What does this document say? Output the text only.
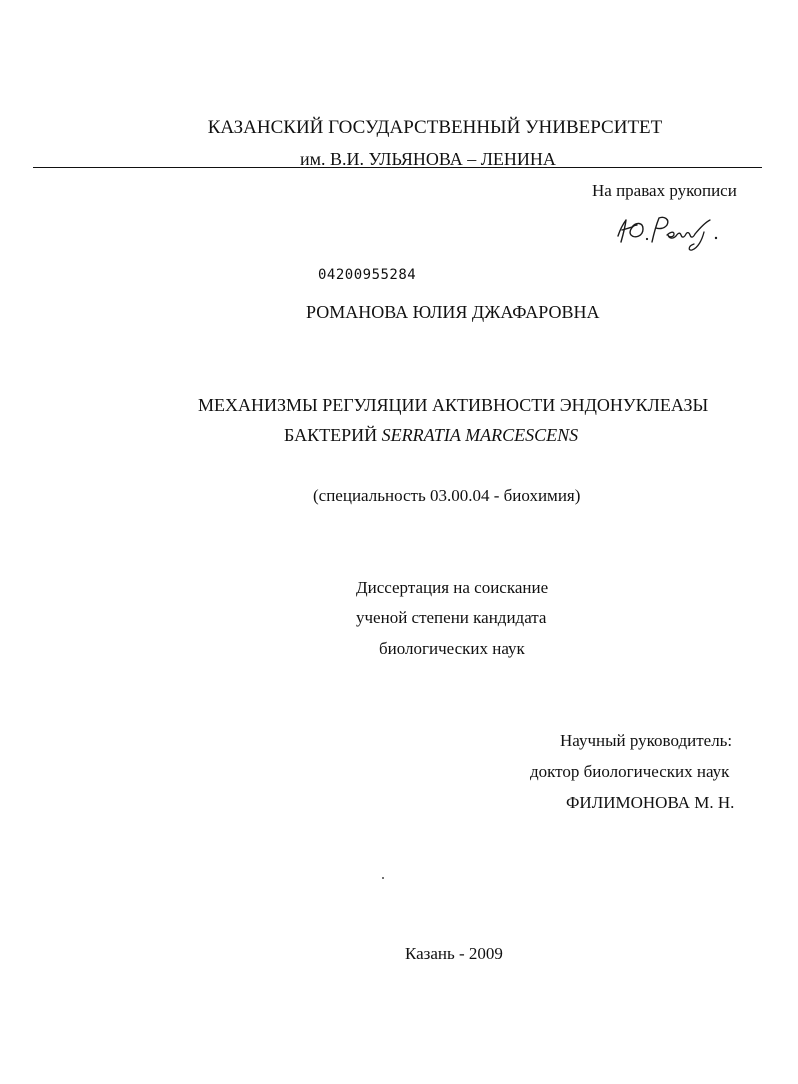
КАЗАНСКИЙ ГОСУДАРСТВЕННЫЙ УНИВЕРСИТЕТ
им. В.И. УЛЬЯНОВА – ЛЕНИНА
На правах рукописи
04200955284
РОМАНОВА ЮЛИЯ ДЖАФАРОВНА
МЕХАНИЗМЫ РЕГУЛЯЦИИ АКТИВНОСТИ ЭНДОНУКЛЕАЗЫ
БАКТЕРИЙ SERRATIA MARCESCENS
(специальность 03.00.04 - биохимия)
Диссертация на соискание
ученой степени кандидата
биологических наук
Научный руководитель:
доктор биологических наук
ФИЛИМОНОВА М. Н.
Казань - 2009
